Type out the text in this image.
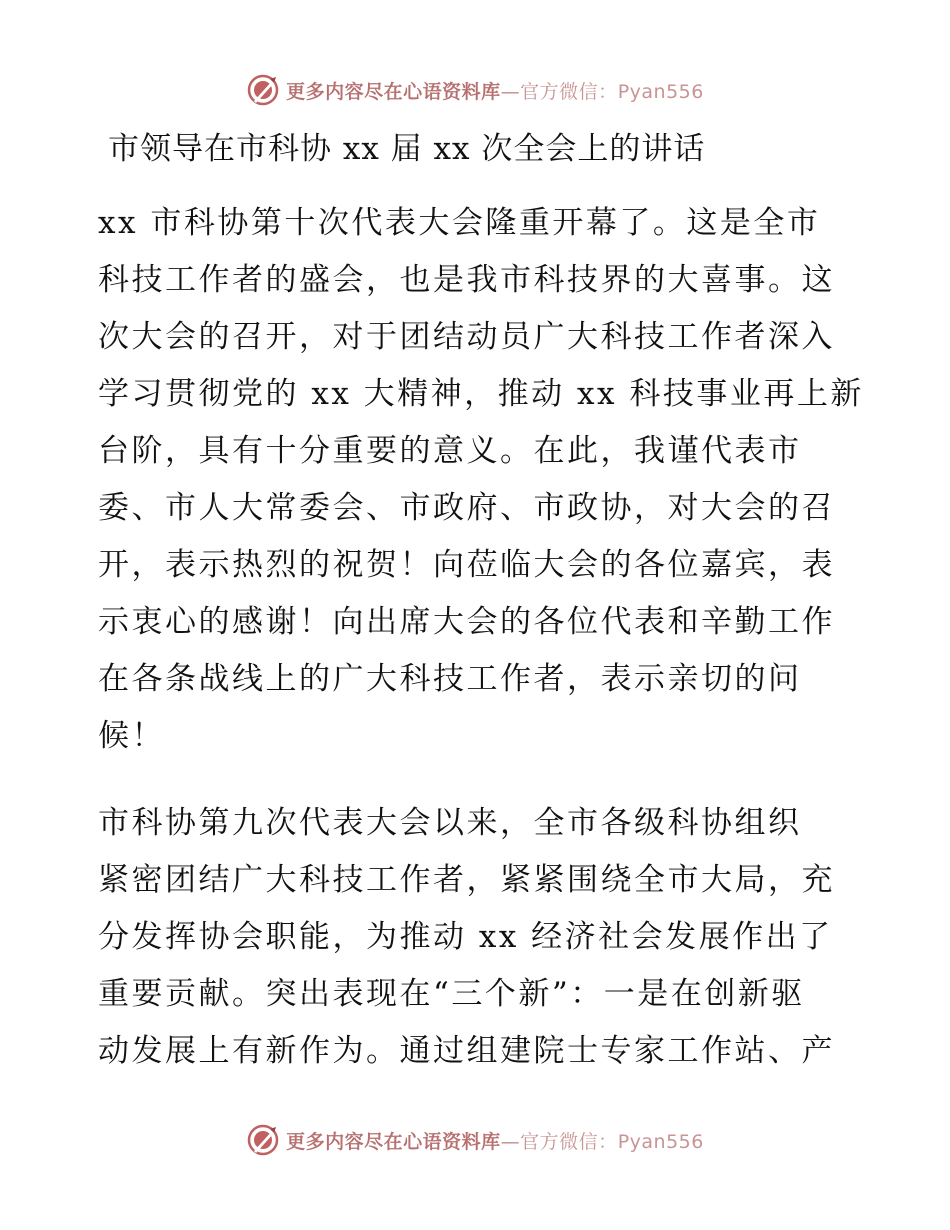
更多内容尽在心语资料库—官方微信：Pyan556
市领导在市科协 xx 届 xx 次全会上的讲话
xx 市科协第十次代表大会隆重开幕了。这是全市
科技工作者的盛会，也是我市科技界的大喜事。这
次大会的召开，对于团结动员广大科技工作者深入
学习贯彻党的 xx 大精神，推动 xx 科技事业再上新
台阶，具有十分重要的意义。在此，我谨代表市
委、市人大常委会、市政府、市政协，对大会的召
开，表示热烈的祝贺！向莅临大会的各位嘉宾，表
示衷心的感谢！向出席大会的各位代表和辛勤工作
在各条战线上的广大科技工作者，表示亲切的问
候！
市科协第九次代表大会以来，全市各级科协组织
紧密团结广大科技工作者，紧紧围绕全市大局，充
分发挥协会职能，为推动 xx 经济社会发展作出了
重要贡献。突出表现在“三个新”：一是在创新驱
动发展上有新作为。通过组建院士专家工作站、产
更多内容尽在心语资料库—官方微信：Pyan556
